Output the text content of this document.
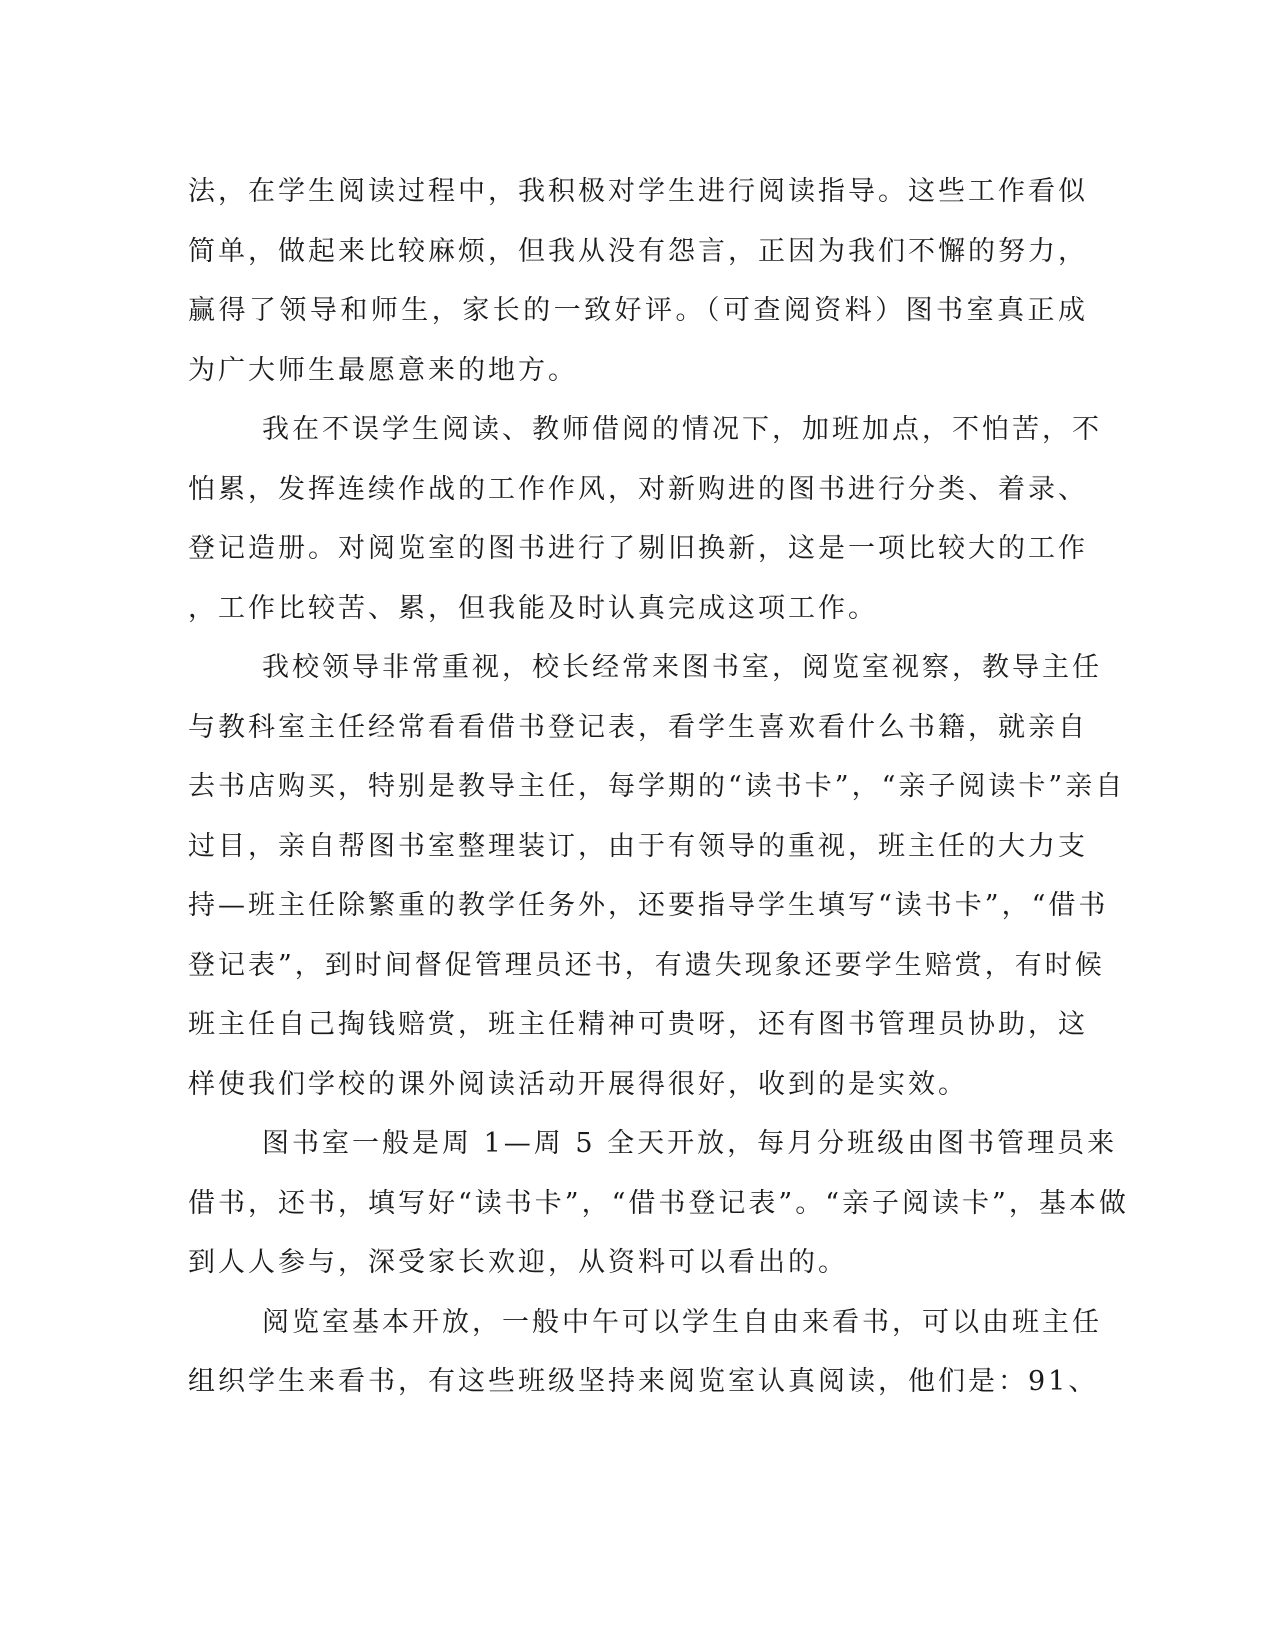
法，在学生阅读过程中，我积极对学生进行阅读指导。这些工作看似
简单，做起来比较麻烦，但我从没有怨言，正因为我们不懈的努力，
赢得了领导和师生，家长的一致好评。（可查阅资料）图书室真正成
为广大师生最愿意来的地方。
我在不误学生阅读、教师借阅的情况下，加班加点，不怕苦，不
怕累，发挥连续作战的工作作风，对新购进的图书进行分类、着录、
登记造册。对阅览室的图书进行了剔旧换新，这是一项比较大的工作
，工作比较苦、累，但我能及时认真完成这项工作。
我校领导非常重视，校长经常来图书室，阅览室视察，教导主任
与教科室主任经常看看借书登记表，看学生喜欢看什么书籍，就亲自
去书店购买，特别是教导主任，每学期的“读书卡”，“亲子阅读卡”亲自
过目，亲自帮图书室整理装订，由于有领导的重视，班主任的大力支
持—班主任除繁重的教学任务外，还要指导学生填写“读书卡”，“借书
登记表”，到时间督促管理员还书，有遗失现象还要学生赔赏，有时候
班主任自己掏钱赔赏，班主任精神可贵呀，还有图书管理员协助，这
样使我们学校的课外阅读活动开展得很好，收到的是实效。
图书室一般是周 1—周 5 全天开放，每月分班级由图书管理员来
借书，还书，填写好“读书卡”，“借书登记表”。“亲子阅读卡”，基本做
到人人参与，深受家长欢迎，从资料可以看出的。
阅览室基本开放，一般中午可以学生自由来看书，可以由班主任
组织学生来看书，有这些班级坚持来阅览室认真阅读，他们是：91、
